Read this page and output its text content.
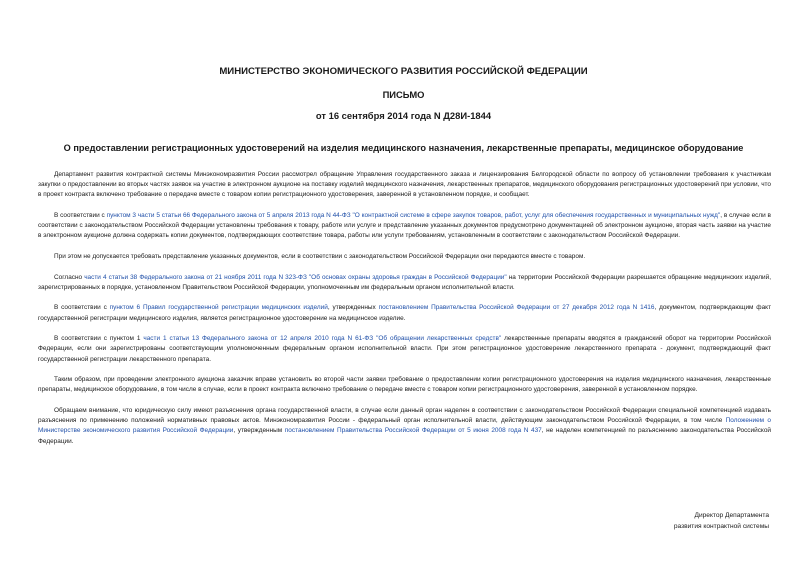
МИНИСТЕРСТВО ЭКОНОМИЧЕСКОГО РАЗВИТИЯ РОССИЙСКОЙ ФЕДЕРАЦИИ
ПИСЬМО
от 16 сентября 2014 года N Д28И-1844
О предоставлении регистрационных удостоверений на изделия медицинского назначения, лекарственные препараты, медицинское оборудование

Департамент развития контрактной системы Минэкономразвития России рассмотрел обращение Управления государственного заказа и лицензирования Белгородской области по вопросу об установлении требования к участникам закупки о предоставлении во вторых частях заявок на участие в электронном аукционе на поставку изделий медицинского назначения, лекарственных препаратов, медицинского оборудования регистрационных удостоверений при условии, что в проект контракта включено требование о передаче вместе с товаром копии регистрационного удостоверения, заверенной в установленном порядке, и сообщает.

В соответствии с пунктом 3 части 5 статьи 66 Федерального закона от 5 апреля 2013 года N 44-ФЗ "О контрактной системе в сфере закупок товаров, работ, услуг для обеспечения государственных и муниципальных нужд", в случае если в соответствии с законодательством Российской Федерации установлены требования к товару, работе или услуге и представление указанных документов предусмотрено документацией об электронном аукционе, вторая часть заявки на участие в электронном аукционе должна содержать копии документов, подтверждающих соответствие товара, работы или услуги требованиям, установленным в соответствии с законодательством Российской Федерации.

При этом не допускается требовать представление указанных документов, если в соответствии с законодательством Российской Федерации они передаются вместе с товаром.

Согласно части 4 статьи 38 Федерального закона от 21 ноября 2011 года N 323-ФЗ "Об основах охраны здоровья граждан в Российской Федерации" на территории Российской Федерации разрешается обращение медицинских изделий, зарегистрированных в порядке, установленном Правительством Российской Федерации, уполномоченным им федеральным органом исполнительной власти.

В соответствии с пунктом 6 Правил государственной регистрации медицинских изделий, утвержденных постановлением Правительства Российской Федерации от 27 декабря 2012 года N 1416, документом, подтверждающим факт государственной регистрации медицинского изделия, является регистрационное удостоверение на медицинское изделие.

В соответствии с пунктом 1 части 1 статьи 13 Федерального закона от 12 апреля 2010 года N 61-ФЗ "Об обращении лекарственных средств" лекарственные препараты вводятся в гражданский оборот на территории Российской Федерации, если они зарегистрированы соответствующим уполномоченным федеральным органом исполнительной власти. При этом регистрационное удостоверение лекарственного препарата - документ, подтверждающий факт государственной регистрации лекарственного препарата.

Таким образом, при проведении электронного аукциона заказчик вправе установить во второй части заявки требование о предоставлении копии регистрационного удостоверения на изделия медицинского назначения, лекарственные препараты, медицинское оборудование, в том числе в случае, если в проект контракта включено требование о передаче вместе с товаром копии регистрационного удостоверения, заверенной в установленном порядке.

Обращаем внимание, что юридическую силу имеют разъяснения органа государственной власти, в случае если данный орган наделен в соответствии с законодательством Российской Федерации специальной компетенцией издавать разъяснения по применению положений нормативных правовых актов. Минэкономразвития России - федеральный орган исполнительной власти, действующим законодательством Российской Федерации, в том числе Положением о Министерстве экономического развития Российской Федерации, утвержденным постановлением Правительства Российской Федерации от 5 июня 2008 года N 437, не наделен компетенцией по разъяснению законодательства Российской Федерации.

Директор Департамента
развития контрактной системы
